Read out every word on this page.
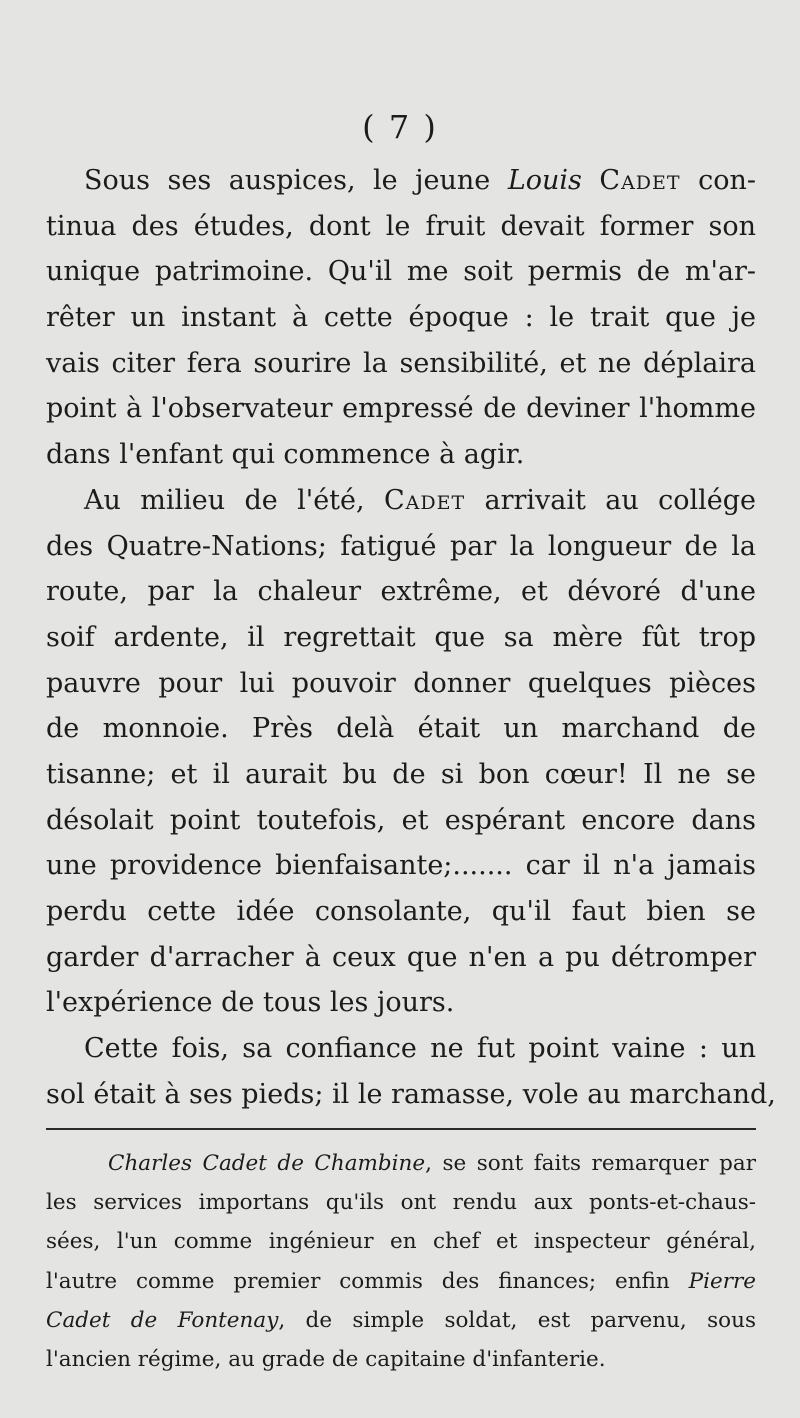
( 7 )
Sous ses auspices, le jeune Louis Cadet con-
tinua des études, dont le fruit devait former son
unique patrimoine. Qu'il me soit permis de m'ar-
rêter un instant à cette époque : le trait que je
vais citer fera sourire la sensibilité, et ne déplaira
point à l'observateur empressé de deviner l'homme
dans l'enfant qui commence à agir.
Au milieu de l'été, Cadet arrivait au collége
des Quatre-Nations; fatigué par la longueur de la
route, par la chaleur extrême, et dévoré d'une
soif ardente, il regrettait que sa mère fût trop
pauvre pour lui pouvoir donner quelques pièces
de monnoie. Près delà était un marchand de
tisanne; et il aurait bu de si bon cœur! Il ne se
désolait point toutefois, et espérant encore dans
une providence bienfaisante;....... car il n'a jamais
perdu cette idée consolante, qu'il faut bien se
garder d'arracher à ceux que n'en a pu détromper
l'expérience de tous les jours.
Cette fois, sa confiance ne fut point vaine : un
sol était à ses pieds; il le ramasse, vole au marchand,
Charles Cadet de Chambine, se sont faits remarquer par
les services importans qu'ils ont rendu aux ponts-et-chaus-
sées, l'un comme ingénieur en chef et inspecteur général,
l'autre comme premier commis des finances; enfin Pierre
Cadet de Fontenay, de simple soldat, est parvenu, sous
l'ancien régime, au grade de capitaine d'infanterie.
